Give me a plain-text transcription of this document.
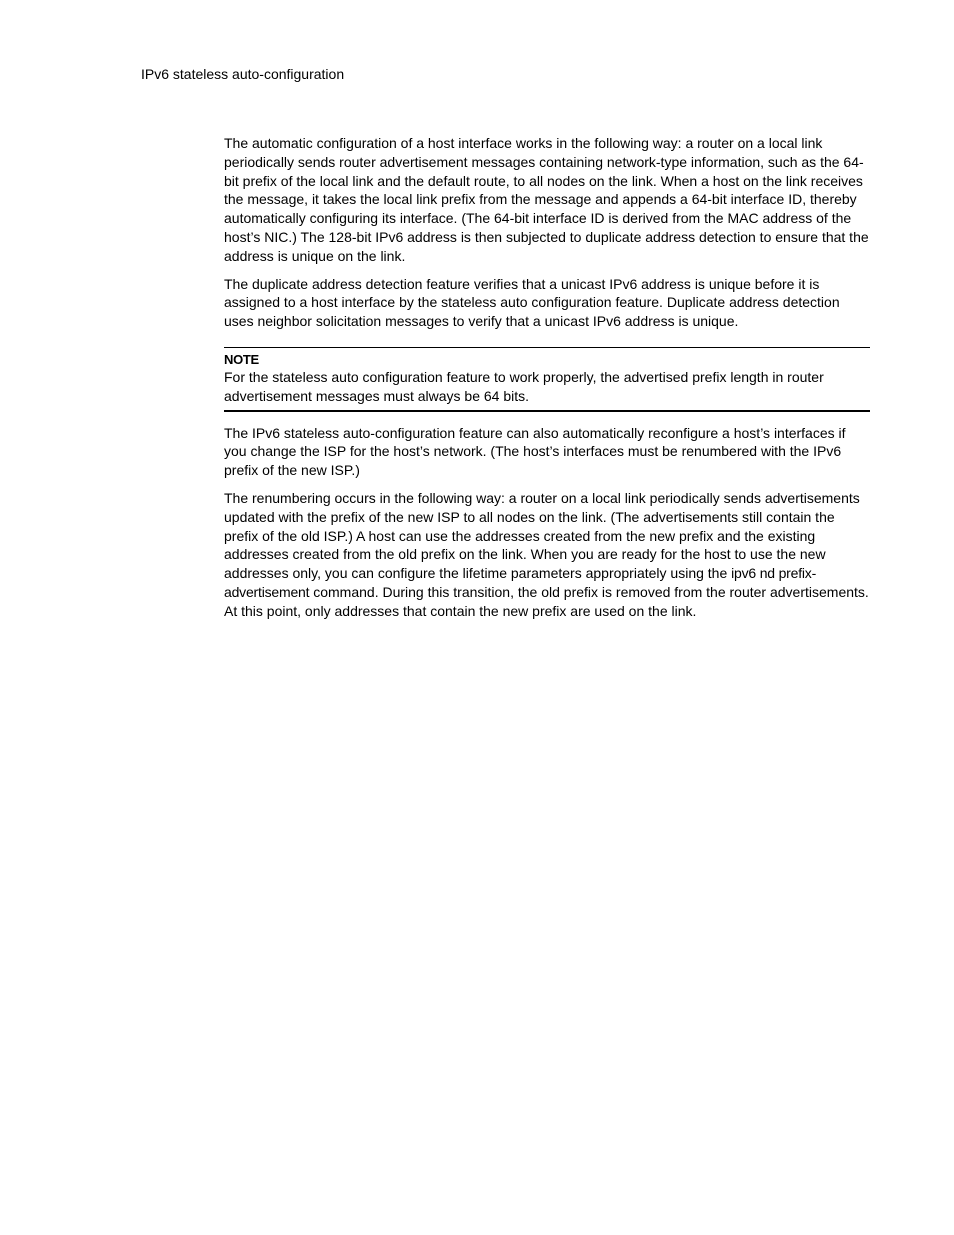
IPv6 stateless auto-configuration

The automatic configuration of a host interface works in the following way: a router on a local link periodically sends router advertisement messages containing network-type information, such as the 64-bit prefix of the local link and the default route, to all nodes on the link. When a host on the link receives the message, it takes the local link prefix from the message and appends a 64-bit interface ID, thereby automatically configuring its interface. (The 64-bit interface ID is derived from the MAC address of the host’s NIC.) The 128-bit IPv6 address is then subjected to duplicate address detection to ensure that the address is unique on the link.

The duplicate address detection feature verifies that a unicast IPv6 address is unique before it is assigned to a host interface by the stateless auto configuration feature. Duplicate address detection uses neighbor solicitation messages to verify that a unicast IPv6 address is unique.

NOTE

For the stateless auto configuration feature to work properly, the advertised prefix length in router advertisement messages must always be 64 bits.

The IPv6 stateless auto-configuration feature can also automatically reconfigure a host’s interfaces if you change the ISP for the host’s network. (The host’s interfaces must be renumbered with the IPv6 prefix of the new ISP.)

The renumbering occurs in the following way: a router on a local link periodically sends advertisements updated with the prefix of the new ISP to all nodes on the link. (The advertisements still contain the prefix of the old ISP.) A host can use the addresses created from the new prefix and the existing addresses created from the old prefix on the link. When you are ready for the host to use the new addresses only, you can configure the lifetime parameters appropriately using the ipv6 nd prefix-advertisement command. During this transition, the old prefix is removed from the router advertisements. At this point, only addresses that contain the new prefix are used on the link.
